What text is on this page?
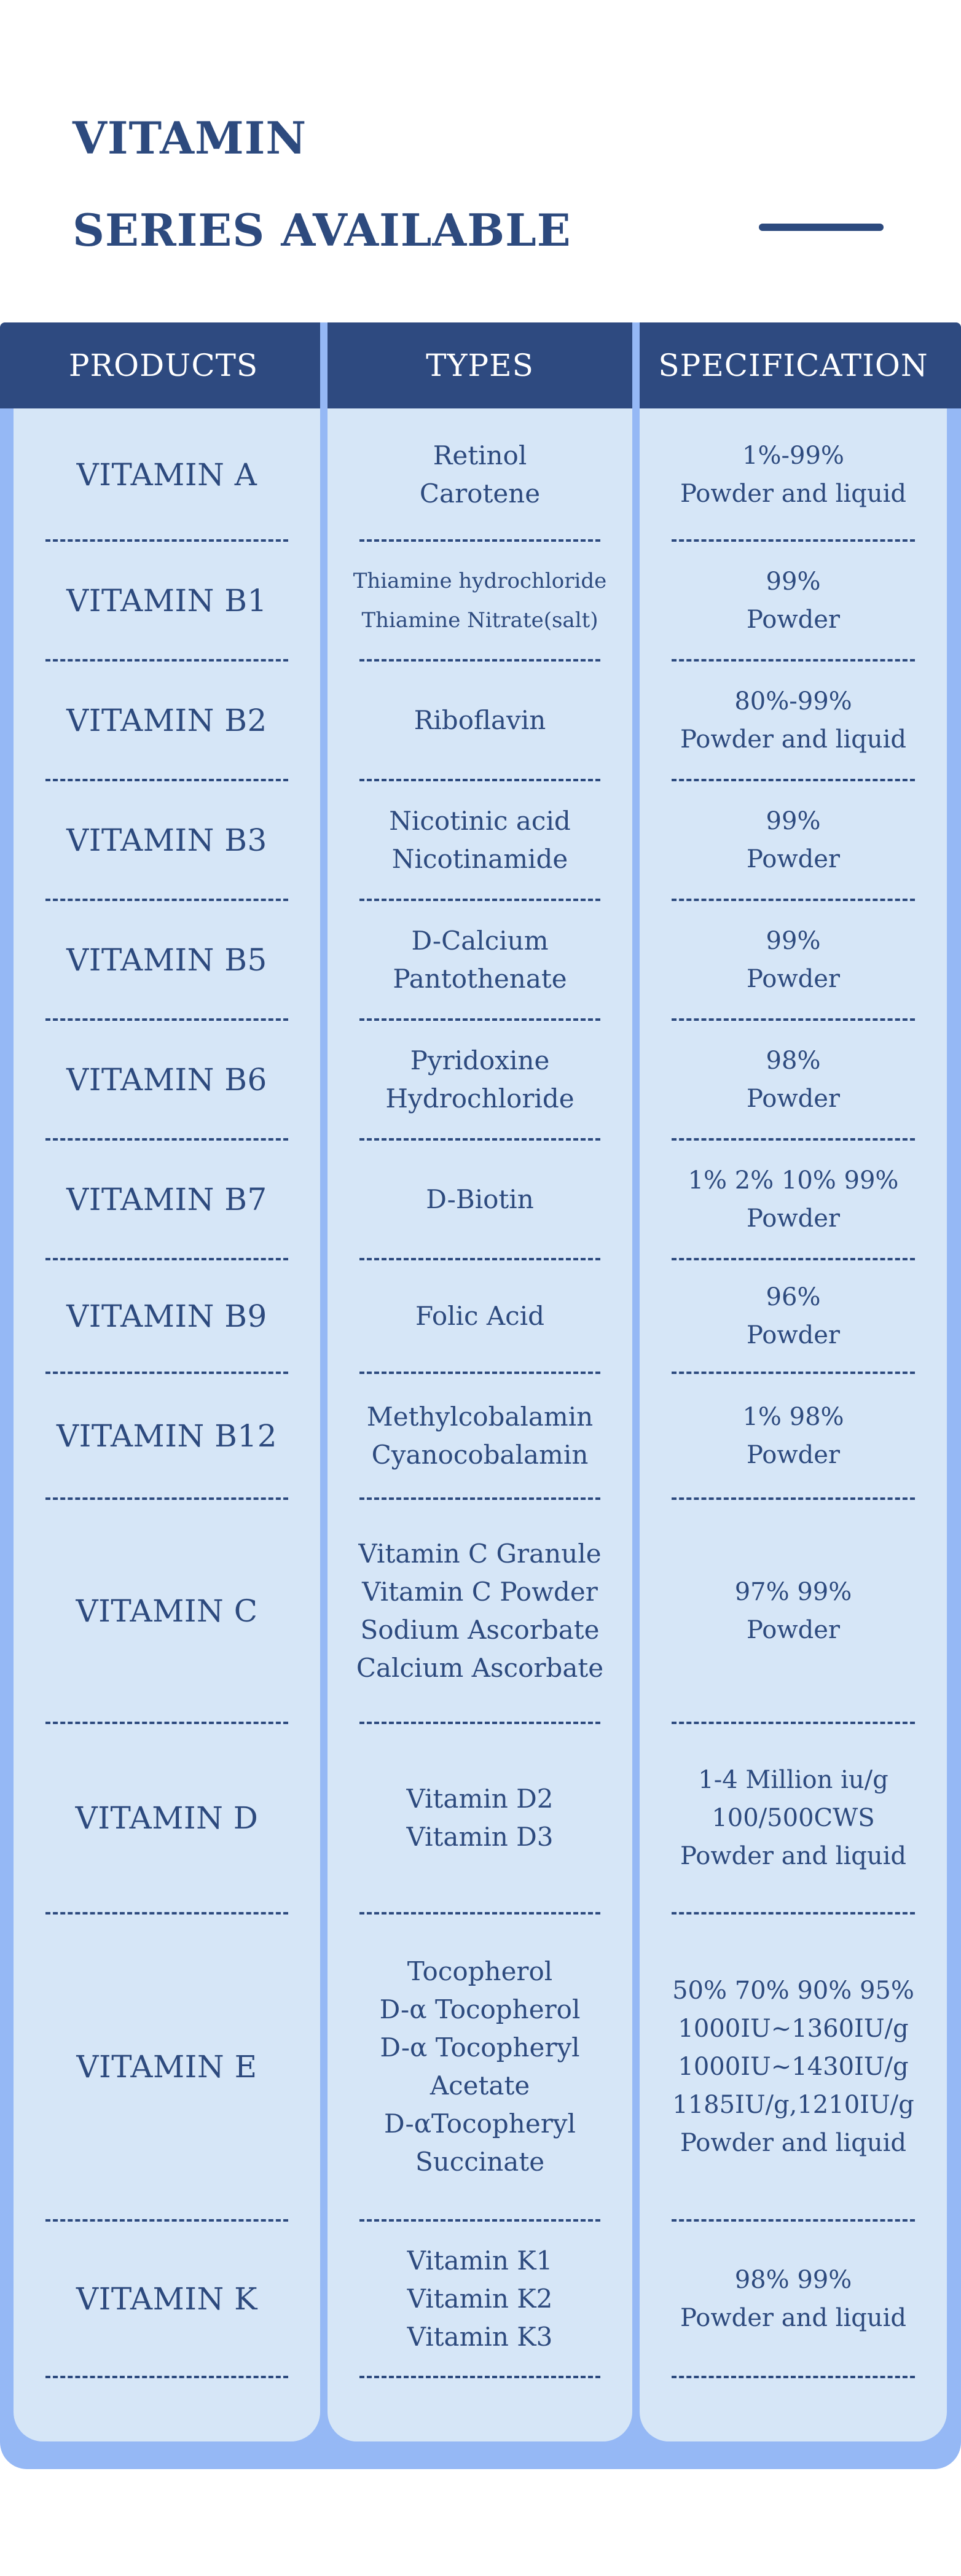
VITAMIN
SERIES AVAILABLE
PRODUCTS	TYPES	SPECIFICATION
VITAMIN A
VITAMIN B1
VITAMIN B2
VITAMIN B3
VITAMIN B5
VITAMIN B6
VITAMIN B7
VITAMIN B9
VITAMIN B12
VITAMIN C
VITAMIN D
VITAMIN E
VITAMIN K
Retinol
Carotene
Thiamine hydrochloride
Thiamine Nitrate(salt)
Riboflavin
Nicotinic acid
Nicotinamide
D-Calcium
Pantothenate
Pyridoxine
Hydrochloride
D-Biotin
Folic Acid
Methylcobalamin
Cyanocobalamin
Vitamin C Granule
Vitamin C Powder
Sodium Ascorbate
Calcium Ascorbate
Vitamin D2
Vitamin D3
Tocopherol
D-α Tocopherol
D-α Tocopheryl
Acetate
D-αTocopheryl
Succinate
Vitamin K1
Vitamin K2
Vitamin K3
1%-99%
Powder and liquid
99%
Powder
80%-99%
Powder and liquid
99%
Powder
99%
Powder
98%
Powder
1% 2% 10% 99%
Powder
96%
Powder
1% 98%
Powder
97% 99%
Powder
1-4 Million iu/g
100/500CWS
Powder and liquid
50% 70% 90% 95%
1000IU~1360IU/g
1000IU~1430IU/g
1185IU/g,1210IU/g
Powder and liquid
98% 99%
Powder and liquid
